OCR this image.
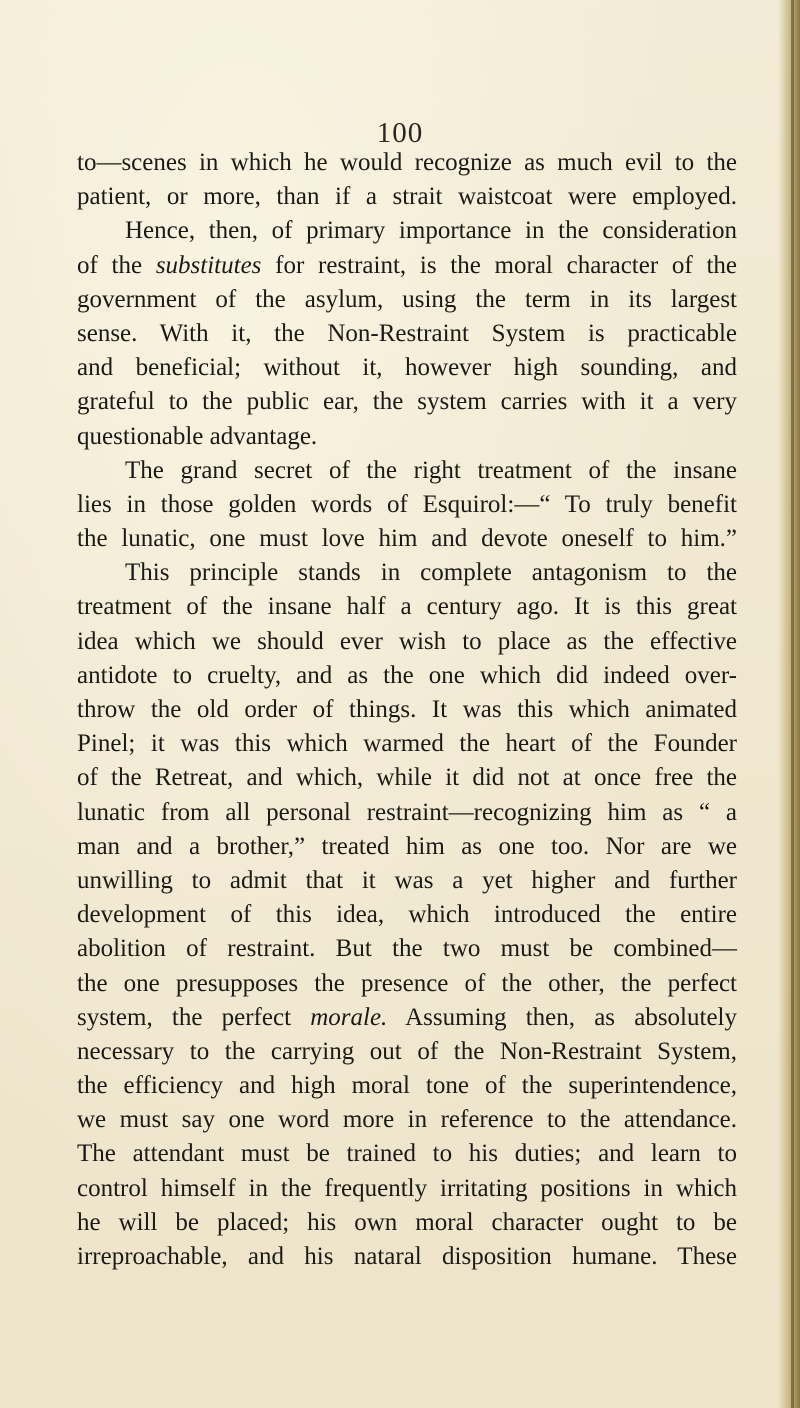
100
to—scenes in which he would recognize as much evil to the
patient, or more, than if a strait waistcoat were employed.
Hence, then, of primary importance in the consideration
of the substitutes for restraint, is the moral character of the
government of the asylum, using the term in its largest
sense. With it, the Non-Restraint System is practicable
and beneficial; without it, however high sounding, and
grateful to the public ear, the system carries with it a very
questionable advantage.
The grand secret of the right treatment of the insane
lies in those golden words of Esquirol:—“ To truly benefit
the lunatic, one must love him and devote oneself to him.”
This principle stands in complete antagonism to the
treatment of the insane half a century ago. It is this great
idea which we should ever wish to place as the effective
antidote to cruelty, and as the one which did indeed over-
throw the old order of things. It was this which animated
Pinel; it was this which warmed the heart of the Founder
of the Retreat, and which, while it did not at once free the
lunatic from all personal restraint—recognizing him as “ a
man and a brother,” treated him as one too. Nor are we
unwilling to admit that it was a yet higher and further
development of this idea, which introduced the entire
abolition of restraint. But the two must be combined—
the one presupposes the presence of the other, the perfect
system, the perfect morale. Assuming then, as absolutely
necessary to the carrying out of the Non-Restraint System,
the efficiency and high moral tone of the superintendence,
we must say one word more in reference to the attendance.
The attendant must be trained to his duties; and learn to
control himself in the frequently irritating positions in which
he will be placed; his own moral character ought to be
irreproachable, and his nataral disposition humane. These
